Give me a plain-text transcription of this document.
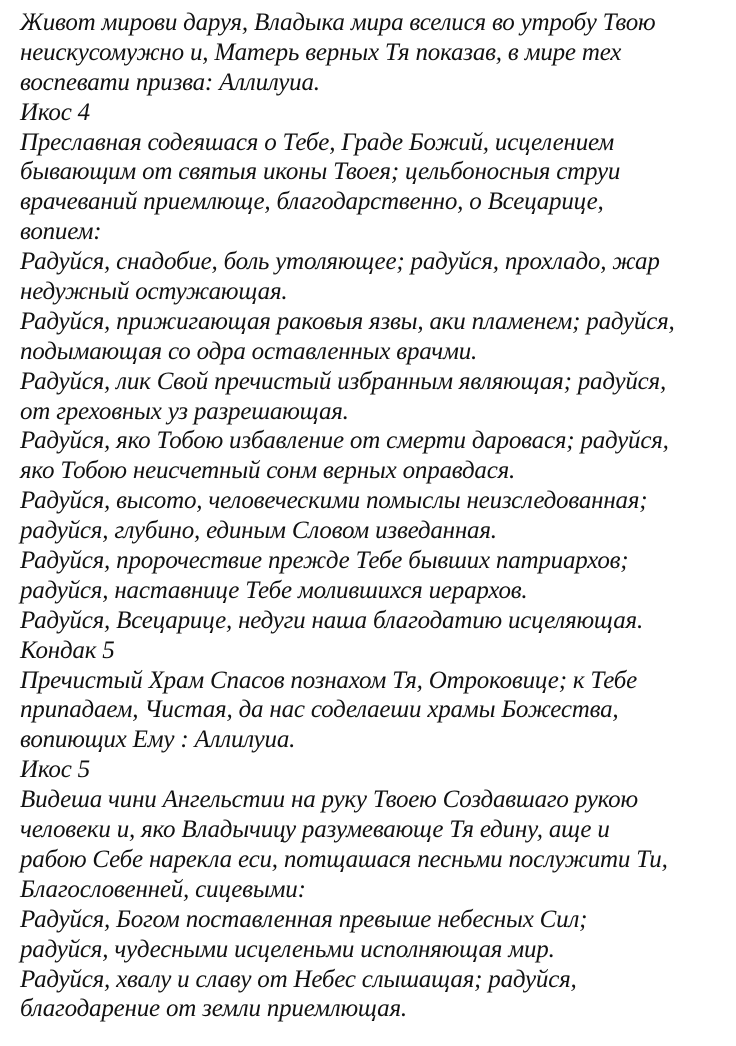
Живот мирови даруя, Владыка мира вселися во утробу Твою
неискусомужно и, Матерь верных Тя показав, в мире тех
воспевати призва: Аллилуиа.
Икос 4
Преславная содеяшася о Тебе, Граде Божий, исцелением
бывающим от святыя иконы Твоея; цельбоносныя струи
врачеваний приемлюще, благодарственно, о Всецарице,
вопием:
Радуйся, снадобие, боль утоляющее; радуйся, прохладо, жар
недужный остужающая.
Радуйся, прижигающая раковыя язвы, аки пламенем; радуйся,
подымающая со одра оставленных врачми.
Радуйся, лик Свой пречистый избранным являющая; радуйся,
от греховных уз разрешающая.
Радуйся, яко Тобою избавление от смерти даровася; радуйся,
яко Тобою неисчетный сонм верных оправдася.
Радуйся, высото, человеческими помыслы неизследованная;
радуйся, глубино, единым Словом изведанная.
Радуйся, пророчествие прежде Тебе бывших патриархов;
радуйся, наставнице Тебе молившихся иерархов.
Радуйся, Всецарице, недуги наша благодатию исцеляющая.
Кондак 5
Пречистый Храм Спасов познахом Тя, Отроковице; к Тебе
припадаем, Чистая, да нас соделаеши храмы Божества,
вопиющих Ему : Аллилуиа.
Икос 5
Видеша чини Ангельстии на руку Твоею Создавшаго рукою
человеки и, яко Владычицу разумевающе Тя едину, аще и
рабою Себе нарекла еси, потщашася песньми послужити Ти,
Благословенней, сицевыми:
Радуйся, Богом поставленная превыше небесных Сил;
радуйся, чудесными исцеленьми исполняющая мир.
Радуйся, хвалу и славу от Небес слышащая; радуйся,
благодарение от земли приемлющая.
